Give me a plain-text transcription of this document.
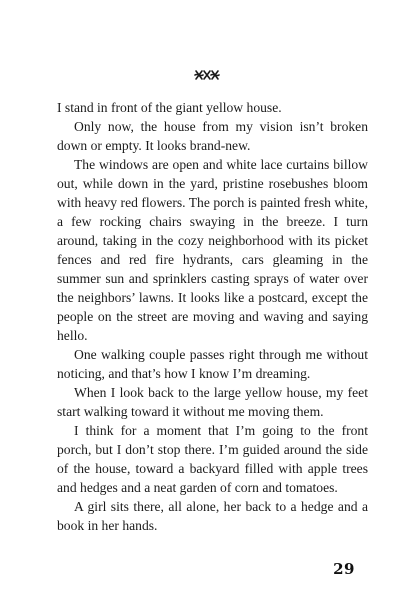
I stand in front of the giant yellow house.

Only now, the house from my vision isn’t broken down or empty. It looks brand-new.

The windows are open and white lace curtains billow out, while down in the yard, pristine rosebushes bloom with heavy red flowers. The porch is painted fresh white, a few rocking chairs swaying in the breeze. I turn around, taking in the cozy neighborhood with its picket fences and red fire hydrants, cars gleaming in the summer sun and sprinklers casting sprays of water over the neighbors’ lawns. It looks like a postcard, except the people on the street are moving and waving and saying hello.

One walking couple passes right through me without noticing, and that’s how I know I’m dreaming.

When I look back to the large yellow house, my feet start walking toward it without me moving them.

I think for a moment that I’m going to the front porch, but I don’t stop there. I’m guided around the side of the house, toward a backyard filled with apple trees and hedges and a neat garden of corn and tomatoes.

A girl sits there, all alone, her back to a hedge and a book in her hands.

29
